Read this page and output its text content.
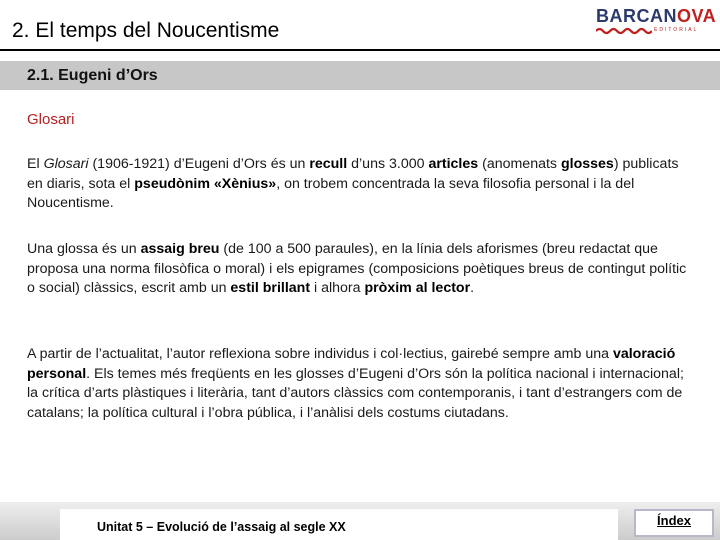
2. El temps del Noucentisme
BARCANOVA
EDITORIAL
2.1. Eugeni d’Ors
Glosari

El Glosari (1906-1921) d’Eugeni d’Ors és un recull d’uns 3.000 articles (anomenats glosses) publicats en diaris, sota el pseudònim «Xènius», on trobem concentrada la seva filosofia personal i la del Noucentisme.

Una glossa és un assaig breu (de 100 a 500 paraules), en la línia dels aforismes (breu redactat que proposa una norma filosòfica o moral) i els epigrames (composicions poètiques breus de contingut polític o social) clàssics, escrit amb un estil brillant i alhora pròxim al lector.

A partir de l’actualitat, l’autor reflexiona sobre individus i col·lectius, gairebé sempre amb una valoració personal. Els temes més freqüents en les glosses d’Eugeni d’Ors són la política nacional i internacional; la crítica d’arts plàstiques i literària, tant d’autors clàssics com contemporanis, i tant d’estrangers com de catalans; la política cultural i l’obra pública, i l’anàlisi dels costums ciutadans.

Unitat 5 – Evolució de l’assaig al segle XX	Índex
